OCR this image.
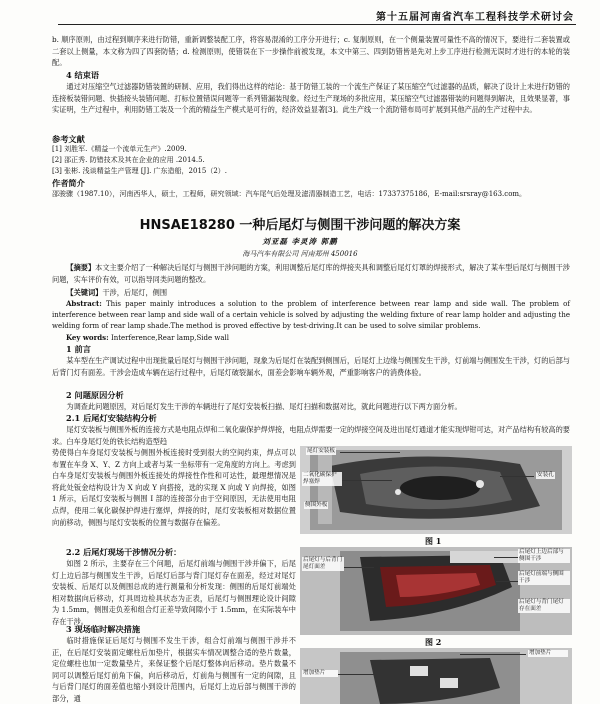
第十五届河南省汽车工程科技学术研讨会

b. 顺序原则，由过程到顺序来进行防错，重新调整装配工序，将容易混淆的工序分开进行；c. 复制原则，在一个侧量装置可量性不高的情况下，要进行二套装置或二套以上侧量，本文称为四了四套防错；d. 检测原则，使错误在下一步操作前被发现，本文中第三、四到防错皆是先对上步工序进行检测无误时才进行的本轮的装配。

4 结束语

通过对压缩空气过滤器防错装置的研制、应用，我们得出这样的结论：基于防错工装的一个流生产保证了某压缩空气过滤器的品质，解决了设计上未进行防错的连接板装错问题、快插接头装错问题、打标位置错误问题等一系列错漏装现象。经过生产现场的多批应用，某压缩空气过滤器错装的问题得到解决，且效果显著，事实证明，生产过程中，利用防错工装及一个流的精益生产模式是可行的，经济效益显著[3]。此生产线一个流防错布局可扩展到其他产品的生产过程中去。

参考文献
[1] 刘胜军.《精益一个流单元生产》.2009.
[2] 邵正秀. 防错技术及其在企业的应用 .2014.5.
[3] 张彬. 浅谈精益生产管理 [J]. 广东造船，2015（2）.
作者简介
邵骏骤（1987.10），河南西华人，硕士，工程师，研究领域：汽车尾气后处理及滤清器制造工艺，电话：17337375186，E-mail:srsray@163.com。
HNSAE18280 一种后尾灯与侧围干涉问题的解决方案
刘亚磊 李灵涛 郭鹏
海马汽车有限公司 河南郑州 450016

【摘要】本文主要介绍了一种解决后尾灯与侧围干涉问题的方案，利用调整后尾灯库的焊接夹具和调整后尾灯灯罩的焊接形式，解决了某车型后尾灯与侧围干涉问题，实车评价有效，可以指导同类问题的整改。

【关键词】干涉，后尾灯，侧围

Abstract: This paper mainly introduces a solution to the problem of interference between rear lamp and side wall. The problem of interference between rear lamp and side wall of a certain vehicle is solved by adjusting the welding fixture of rear lamp holder and adjusting the welding form of rear lamp shade.The method is proved effective by test-driving.It can be used to solve similar problems.

Key words: Interference,Rear lamp,Side wall

1 前言

某车型在生产调试过程中出现批量后尾灯与侧围干涉问题，现象为后尾灯在装配到侧围后，后尾灯上边缘与侧围发生干涉，灯前端与侧围发生干涉，灯的后部与后背门灯有面差。干涉会造成车辆在运行过程中，后尾灯破裂漏水，面差会影响车辆外观，严重影响客户的消费体验。

2 问题原因分析

为调查此问题原因，对后尾灯发生干涉的车辆进行了尾灯安装板扫描、尾灯扫描和数据对比，就此问题进行以下两方面分析。

2.1 后尾灯安装结构分析

尾灯安装板与侧围外板的连接方式是电阻点焊和二氧化碳保护焊焊接，电阻点焊需要一定的焊接空间及进出尾灯通道才能实现焊钳可达，对产品结构有较高的要求。白车身尾灯处的铁长结构造型趋

势使得白车身尾灯安装板与侧围外板连接时受到很大的空间约束，焊点可以布置在车身 X、Y、Z 方向上或者与某一坐标带有一定角度的方向上。考虑到白车身尾灯安装板与侧围外板连接处的焊接性作性和可达性，最理想情况是将此处钣金结构设计为 X 向或 Y 向搭接，选的实现 X 向或 Y 向焊接，如图 1 所示，后尾灯安装板与侧围 I 部的连接部分由于空间原因，无法使用电阻点焊，使用二氧化碳保护焊进行塞焊，焊接的时，尾灯安装板相对数据位置向前移动，侧围与尾灯安装板的位置与数据存在偏差。

2.2 后尾灯现场干涉情况分析：

如图 2 所示，主要存在三个问题，后尾灯前端与侧围干涉并偏下，后尾灯上边后部与侧围发生干涉，后尾灯后部与背门尾灯存在面差，经过对尾灯安装板、后尾灯以及侧围总成的进行测量和分析发现：侧围的后尾灯前端处相对数据向后移动，灯具周边检具状态为正表，后尾灯与侧围理论设计间隙为 1.5mm，侧围走负差和组合灯正差导致间隙小于 1.5mm，在实际装车中存在干涉。

3 现场临时解决措施

临时措施保证后尾灯与侧围不发生干涉，组合灯前端与侧围干涉并不正，在后尾灯安装面定螺柱后加垫片，根据实车情况调整合适的垫片数量，定位螺柱也加一定数量垫片，来保证整个后尾灯整体向后移动。垫片数量不同可以调整后尾灯前角下偏，向后移动后，灯前角与侧围有一定的间隙，且与后背门尾灯的面差值也缩小到设计范围内，后尾灯上边后部与侧围干涉的部分，通

尾灯安装板
二氧化碳保护焊塞焊
侧围外板
安装孔
图 1
后尾灯与后背门尾灯面差
后尾灯上边后部与侧围干涉
后尾灯前端与侧围干涉
后尾灯与背门尾灯存在面差
图 2
增加垫片
增加垫片
